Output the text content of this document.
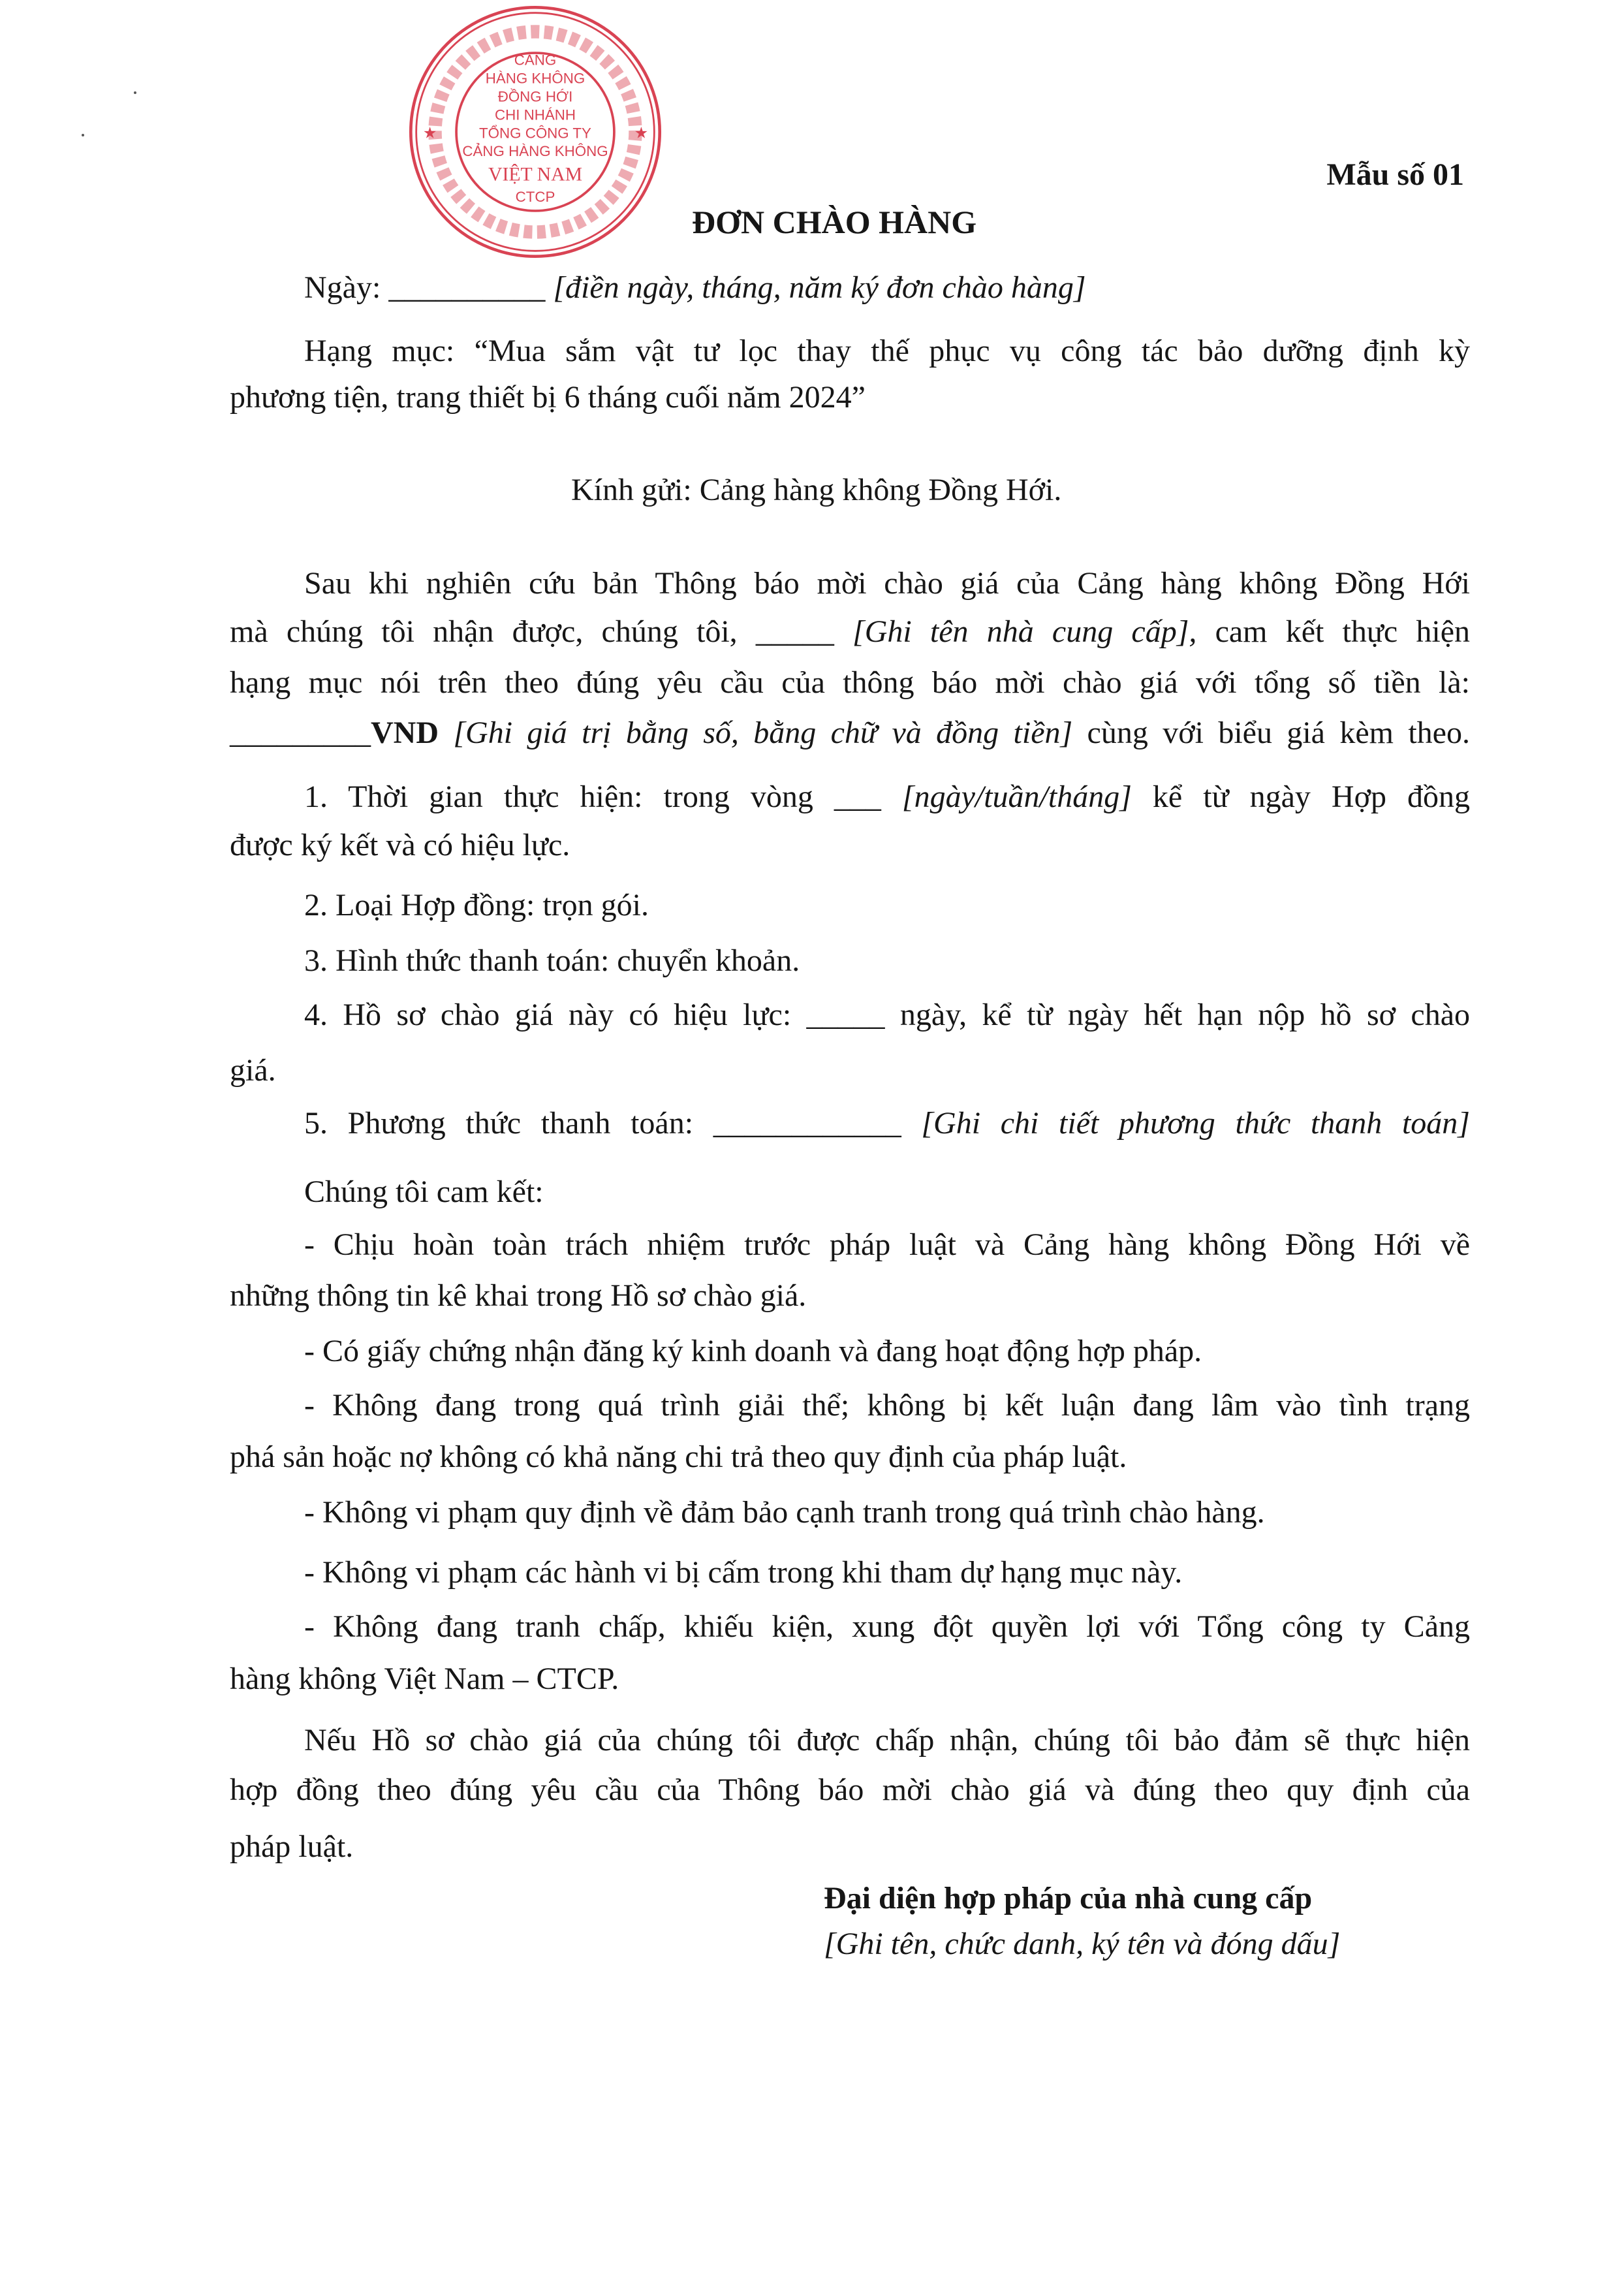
Mẫu số 01
ĐƠN CHÀO HÀNG
Ngày: __________ [điền ngày, tháng, năm ký đơn chào hàng]
Hạng mục: “Mua sắm vật tư lọc thay thế phục vụ công tác bảo dưỡng định kỳ
phương tiện, trang thiết bị 6 tháng cuối năm 2024”
Kính gửi: Cảng hàng không Đồng Hới.
Sau khi nghiên cứu bản Thông báo mời chào giá của Cảng hàng không Đồng Hới
mà chúng tôi nhận được, chúng tôi, _____ [Ghi tên nhà cung cấp], cam kết thực hiện
hạng mục nói trên theo đúng yêu cầu của thông báo mời chào giá với tổng số tiền là:
_________VND [Ghi giá trị bằng số, bằng chữ và đồng tiền] cùng với biểu giá kèm theo.
1. Thời gian thực hiện: trong vòng ___ [ngày/tuần/tháng] kể từ ngày Hợp đồng
được ký kết và có hiệu lực.
2. Loại Hợp đồng: trọn gói.
3. Hình thức thanh toán: chuyển khoản.
4. Hồ sơ chào giá này có hiệu lực: _____ ngày, kể từ ngày hết hạn nộp hồ sơ chào
giá.
5. Phương thức thanh toán: ____________ [Ghi chi tiết phương thức thanh toán]
Chúng tôi cam kết:
- Chịu hoàn toàn trách nhiệm trước pháp luật và Cảng hàng không Đồng Hới về
những thông tin kê khai trong Hồ sơ chào giá.
- Có giấy chứng nhận đăng ký kinh doanh và đang hoạt động hợp pháp.
- Không đang trong quá trình giải thể; không bị kết luận đang lâm vào tình trạng
phá sản hoặc nợ không có khả năng chi trả theo quy định của pháp luật.
- Không vi phạm quy định về đảm bảo cạnh tranh trong quá trình chào hàng.
- Không vi phạm các hành vi bị cấm trong khi tham dự hạng mục này.
- Không đang tranh chấp, khiếu kiện, xung đột quyền lợi với Tổng công ty Cảng
hàng không Việt Nam – CTCP.
Nếu Hồ sơ chào giá của chúng tôi được chấp nhận, chúng tôi bảo đảm sẽ thực hiện
hợp đồng theo đúng yêu cầu của Thông báo mời chào giá và đúng theo quy định của
pháp luật.
Đại diện hợp pháp của nhà cung cấp
[Ghi tên, chức danh, ký tên và đóng dấu]
★	★
CẢNG
HÀNG KHÔNG
ĐỒNG HỚI
CHI NHÁNH
TỔNG CÔNG TY
CẢNG HÀNG KHÔNG
VIỆT NAM
CTCP
